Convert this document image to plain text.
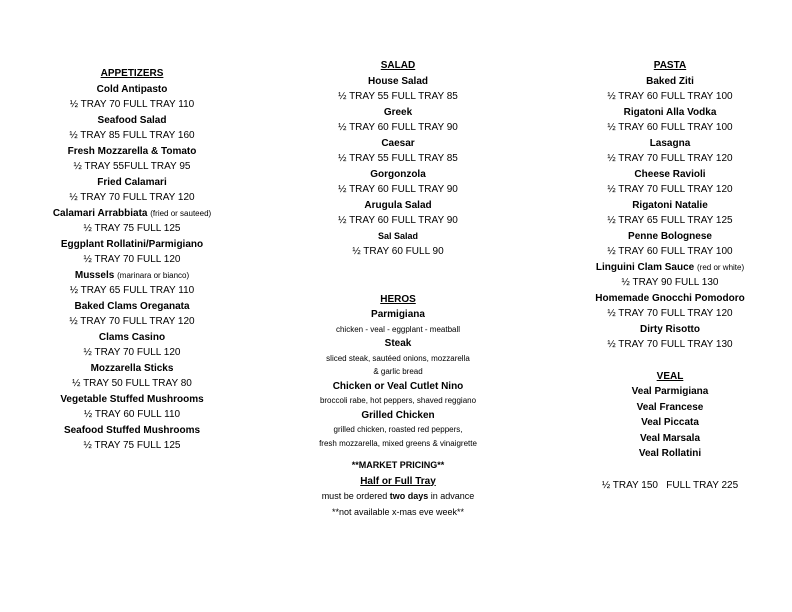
APPETIZERS
Cold Antipasto
½ TRAY 70 FULL TRAY 110
Seafood Salad
½ TRAY 85 FULL TRAY 160
Fresh Mozzarella & Tomato
½ TRAY 55FULL TRAY 95
Fried Calamari
½ TRAY 70 FULL TRAY 120
Calamari Arrabbiata (fried or sauteed)
½ TRAY 75 FULL 125
Eggplant Rollatini/Parmigiano
½ TRAY 70 FULL 120
Mussels (marinara or bianco)
½ TRAY 65 FULL TRAY 110
Baked Clams Oreganata
½ TRAY 70 FULL TRAY 120
Clams Casino
½ TRAY 70 FULL 120
Mozzarella Sticks
½ TRAY 50 FULL TRAY 80
Vegetable Stuffed Mushrooms
½ TRAY 60 FULL 110
Seafood Stuffed Mushrooms
½ TRAY 75 FULL 125
SALAD
House Salad
½ TRAY 55 FULL TRAY 85
Greek
½ TRAY 60 FULL TRAY 90
Caesar
½ TRAY 55 FULL TRAY 85
Gorgonzola
½ TRAY 60 FULL TRAY 90
Arugula Salad
½ TRAY 60 FULL TRAY 90
Sal Salad
½ TRAY 60 FULL 90
HEROS
Parmigiana
chicken - veal - eggplant - meatball
Steak
sliced steak, sautéed onions, mozzarella
& garlic bread
Chicken or Veal Cutlet Nino
broccoli rabe, hot peppers, shaved reggiano
Grilled Chicken
grilled chicken, roasted red peppers,
fresh mozzarella, mixed greens & vinaigrette
**MARKET PRICING**
Half or Full Tray
must be ordered two days in advance
**not available x-mas eve week**
PASTA
Baked Ziti
½ TRAY 60 FULL TRAY 100
Rigatoni Alla Vodka
½ TRAY 60 FULL TRAY 100
Lasagna
½ TRAY 70 FULL TRAY 120
Cheese Ravioli
½ TRAY 70 FULL TRAY 120
Rigatoni Natalie
½ TRAY 65 FULL TRAY 125
Penne Bolognese
½ TRAY 60 FULL TRAY 100
Linguini Clam Sauce (red or white)
½ TRAY 90 FULL 130
Homemade Gnocchi Pomodoro
½ TRAY 70 FULL TRAY 120
Dirty Risotto
½ TRAY 70 FULL TRAY 130
VEAL
Veal Parmigiana
Veal Francese
Veal Piccata
Veal Marsala
Veal Rollatini
½ TRAY 150   FULL TRAY 225
